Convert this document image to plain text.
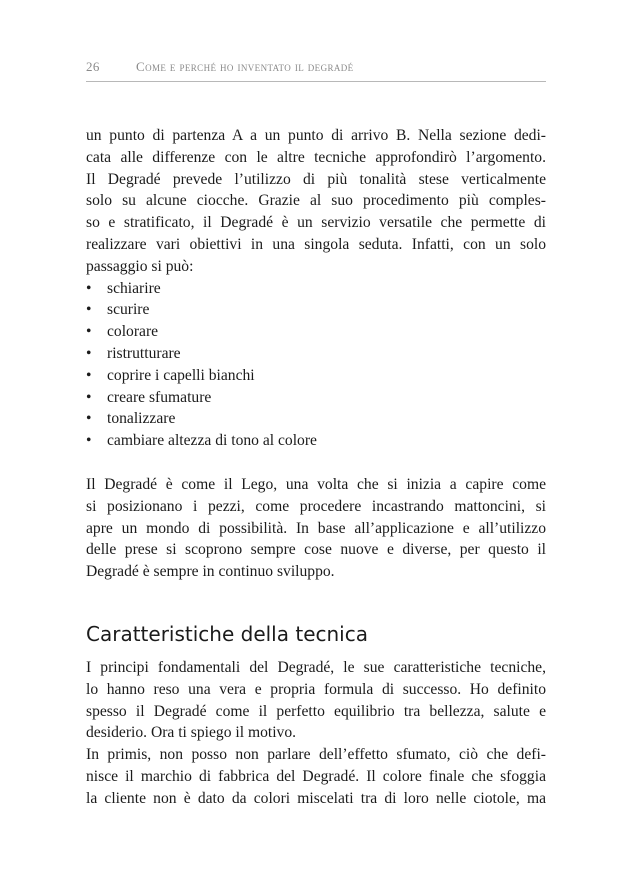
26	Come e perché ho inventato il degradé
un punto di partenza A a un punto di arrivo B. Nella sezione dedi-
cata alle differenze con le altre tecniche approfondirò l’argomento.
Il Degradé prevede l’utilizzo di più tonalità stese verticalmente
solo su alcune ciocche. Grazie al suo procedimento più comples-
so e stratificato, il Degradé è un servizio versatile che permette di
realizzare vari obiettivi in una singola seduta. Infatti, con un solo
passaggio si può:
• schiarire
• scurire
• colorare
• ristrutturare
• coprire i capelli bianchi
• creare sfumature
• tonalizzare
• cambiare altezza di tono al colore
Il Degradé è come il Lego, una volta che si inizia a capire come
si posizionano i pezzi, come procedere incastrando mattoncini, si
apre un mondo di possibilità. In base all’applicazione e all’utilizzo
delle prese si scoprono sempre cose nuove e diverse, per questo il
Degradé è sempre in continuo sviluppo.
Caratteristiche della tecnica
I principi fondamentali del Degradé, le sue caratteristiche tecniche,
lo hanno reso una vera e propria formula di successo. Ho definito
spesso il Degradé come il perfetto equilibrio tra bellezza, salute e
desiderio. Ora ti spiego il motivo.
In primis, non posso non parlare dell’effetto sfumato, ciò che defi-
nisce il marchio di fabbrica del Degradé. Il colore finale che sfoggia
la cliente non è dato da colori miscelati tra di loro nelle ciotole, ma
